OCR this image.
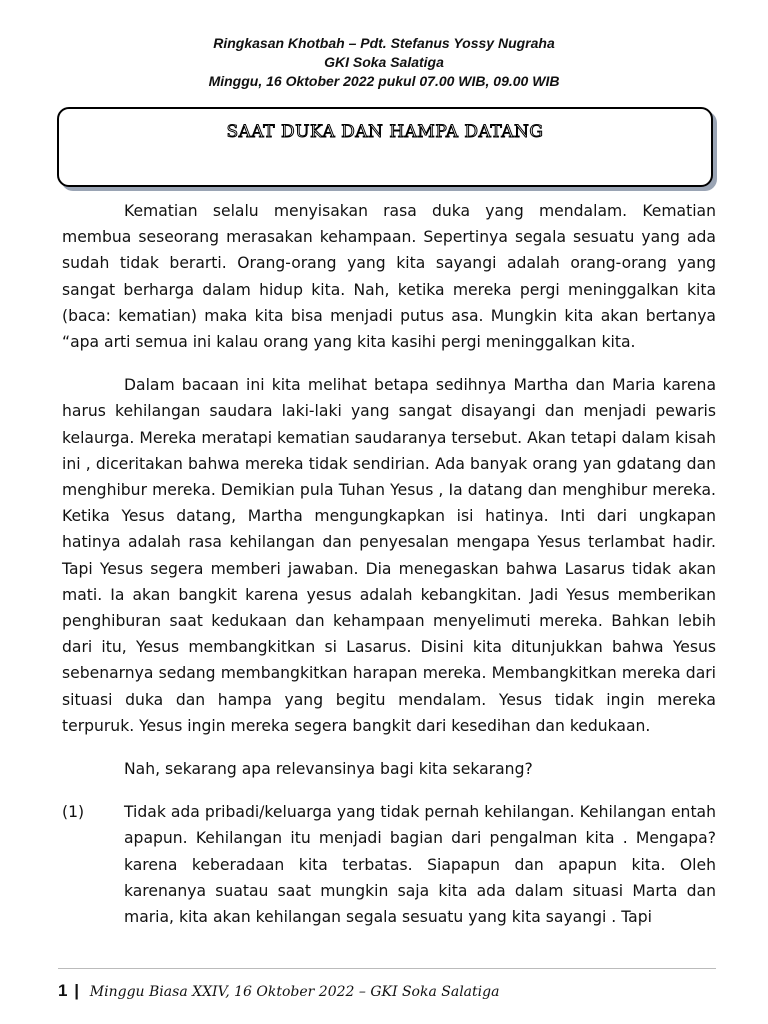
Ringkasan Khotbah – Pdt. Stefanus Yossy Nugraha
GKI Soka Salatiga
Minggu, 16 Oktober 2022 pukul 07.00 WIB, 09.00 WIB
SAAT DUKA DAN HAMPA DATANG

Kematian selalu menyisakan rasa duka yang mendalam. Kematian membua seseorang merasakan kehampaan. Sepertinya segala sesuatu yang ada sudah tidak berarti. Orang-orang yang kita sayangi adalah orang-orang yang sangat berharga dalam hidup kita. Nah, ketika mereka pergi meninggalkan kita (baca: kematian) maka kita bisa menjadi putus asa. Mungkin kita akan bertanya “apa arti semua ini kalau orang yang kita kasihi pergi meninggalkan kita.

Dalam bacaan ini kita melihat betapa sedihnya Martha dan Maria karena harus kehilangan saudara laki-laki yang sangat disayangi dan menjadi pewaris kelaurga. Mereka meratapi kematian saudaranya tersebut. Akan tetapi dalam kisah ini , diceritakan bahwa mereka tidak sendirian. Ada banyak orang yan gdatang dan menghibur mereka. Demikian pula Tuhan Yesus , Ia datang dan menghibur mereka. Ketika Yesus datang, Martha mengungkapkan isi hatinya. Inti dari ungkapan hatinya adalah rasa kehilangan dan penyesalan mengapa Yesus terlambat hadir. Tapi Yesus segera memberi jawaban. Dia menegaskan bahwa Lasarus tidak akan mati. Ia akan bangkit karena yesus adalah kebangkitan. Jadi Yesus memberikan penghiburan saat kedukaan dan kehampaan menyelimuti mereka. Bahkan lebih dari itu, Yesus membangkitkan si Lasarus. Disini kita ditunjukkan bahwa Yesus sebenarnya sedang membangkitkan harapan mereka. Membangkitkan mereka dari situasi duka dan hampa yang begitu mendalam. Yesus tidak ingin mereka terpuruk. Yesus ingin mereka segera bangkit dari kesedihan dan kedukaan.

Nah, sekarang apa relevansinya bagi kita sekarang?

(1)	Tidak ada pribadi/keluarga yang tidak pernah kehilangan. Kehilangan entah apapun. Kehilangan itu menjadi bagian dari pengalman kita . Mengapa? karena keberadaan kita terbatas. Siapapun dan apapun kita. Oleh karenanya suatau saat mungkin saja kita ada dalam situasi Marta dan maria, kita akan kehilangan segala sesuatu yang kita sayangi . Tapi
1 | Minggu Biasa XXIV, 16 Oktober 2022 – GKI Soka Salatiga
